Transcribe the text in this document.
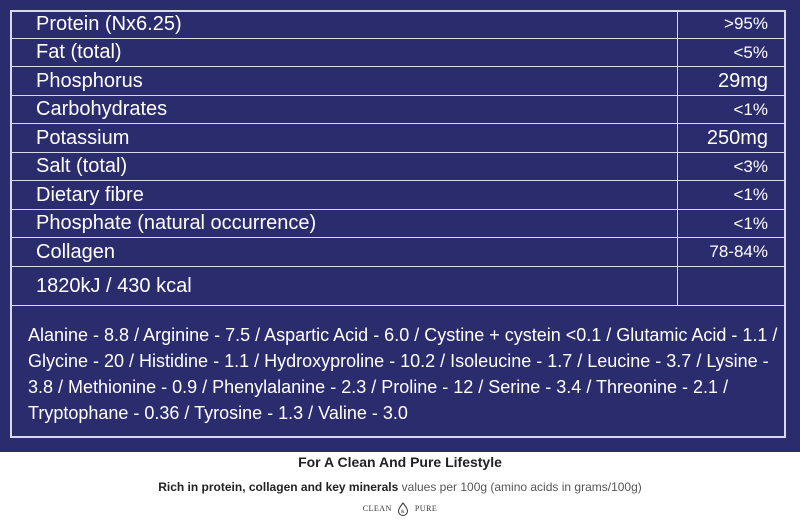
Protein (Nx6.25)	>95%
Fat (total)	<5%
Phosphorus	29mg
Carbohydrates	<1%
Potassium	250mg
Salt (total)	<3%
Dietary fibre	<1%
Phosphate (natural occurrence)	<1%
Collagen	78-84%
1820kJ / 430 kcal	

Alanine - 8.8 / Arginine - 7.5 / Aspartic Acid - 6.0 / Cystine + cystein <0.1 / Glutamic Acid - 1.1 / Glycine - 20 / Histidine - 1.1 / Hydroxyproline - 10.2 / Isoleucine - 1.7 / Leucine - 3.7 / Lysine - 3.8 / Methionine - 0.9 / Phenylalanine - 2.3 / Proline - 12 / Serine - 3.4 / Threonine - 2.1 / Tryptophane - 0.36 / Tyrosine - 1.3 / Valine - 3.0

For A Clean And Pure Lifestyle
Rich in protein, collagen and key minerals values per 100g (amino acids in grams/100g)
CLEAN & PURE
